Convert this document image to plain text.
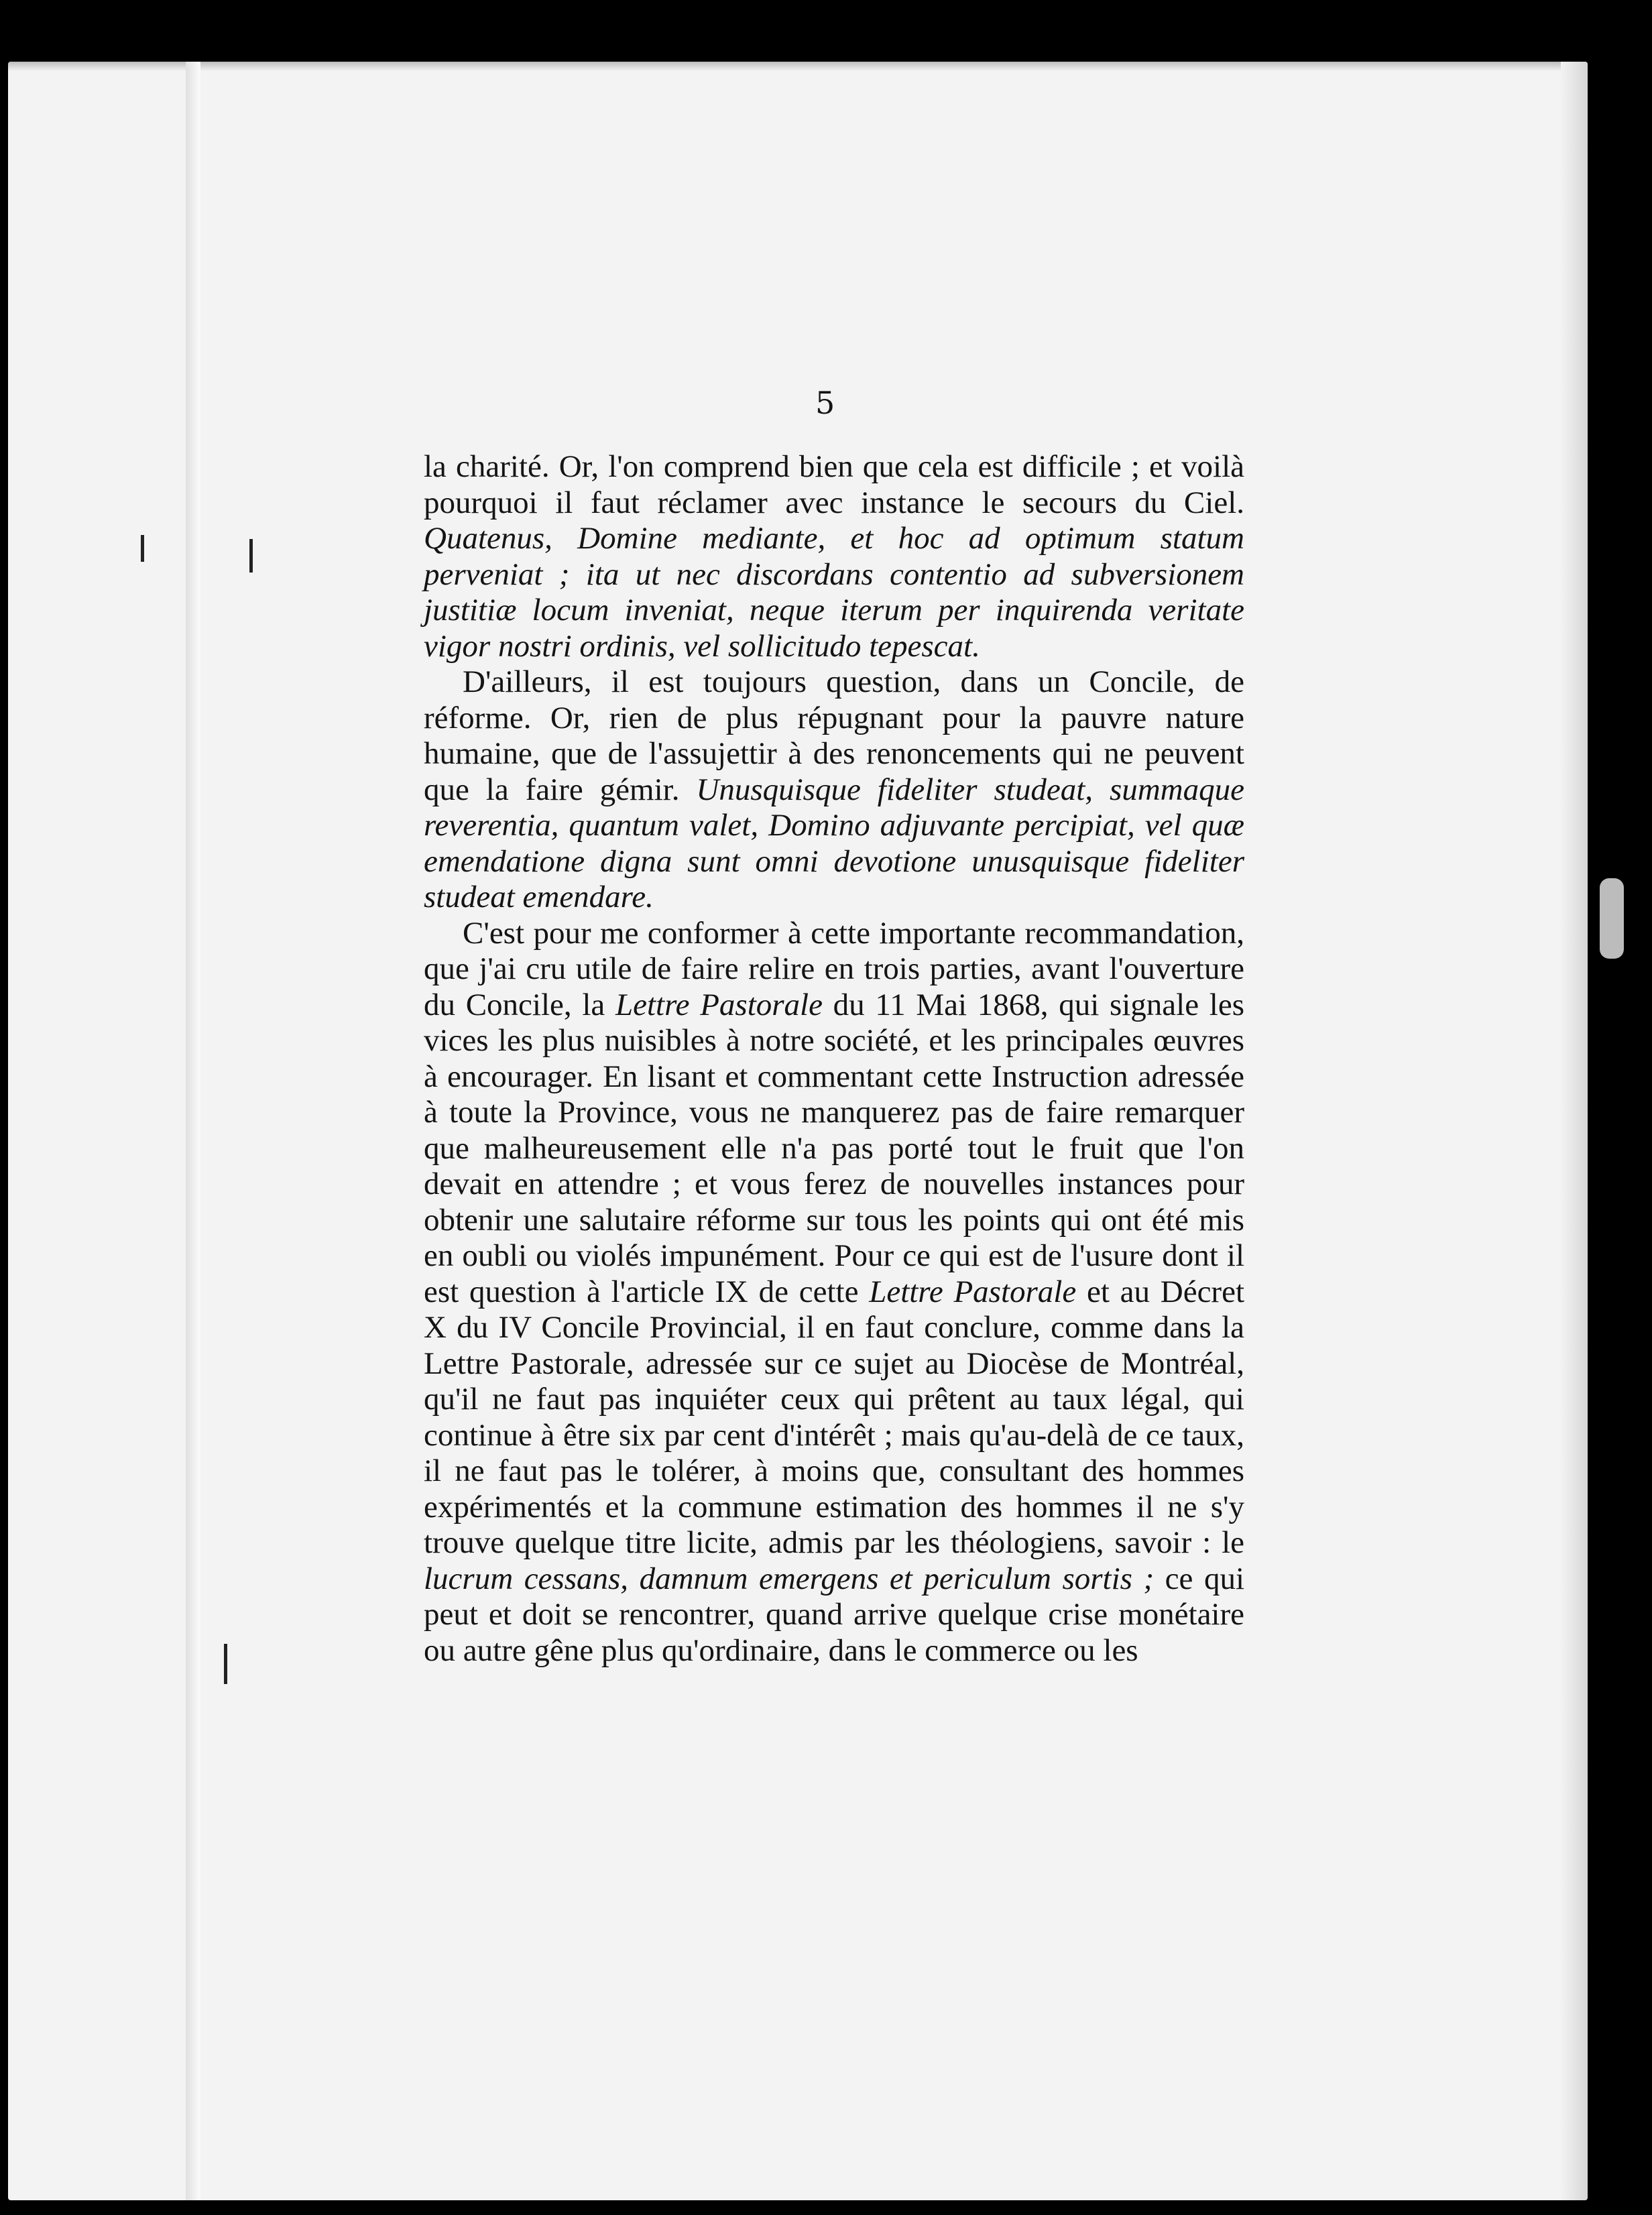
5

la charité. Or, l'on comprend bien que cela est difficile ; et voilà pourquoi il faut réclamer avec instance le secours du Ciel. Quatenus, Domine mediante, et hoc ad optimum statum perveniat ; ita ut nec discordans contentio ad subversionem justitiæ locum inveniat, neque iterum per inquirenda veritate vigor nostri ordinis, vel sollicitudo tepescat.

D'ailleurs, il est toujours question, dans un Concile, de réforme. Or, rien de plus répugnant pour la pauvre nature humaine, que de l'assujettir à des renoncements qui ne peuvent que la faire gémir. Unusquisque fideliter studeat, summaque reverentia, quantum valet, Domino adjuvante percipiat, vel quæ emendatione digna sunt omni devotione unusquisque fideliter studeat emendare.

C'est pour me conformer à cette importante recommandation, que j'ai cru utile de faire relire en trois parties, avant l'ouverture du Concile, la Lettre Pastorale du 11 Mai 1868, qui signale les vices les plus nuisibles à notre société, et les principales œuvres à encourager. En lisant et commentant cette Instruction adressée à toute la Province, vous ne manquerez pas de faire remarquer que malheureusement elle n'a pas porté tout le fruit que l'on devait en attendre ; et vous ferez de nouvelles instances pour obtenir une salutaire réforme sur tous les points qui ont été mis en oubli ou violés impunément. Pour ce qui est de l'usure dont il est question à l'article IX de cette Lettre Pastorale et au Décret X du IV Concile Provincial, il en faut conclure, comme dans la Lettre Pastorale, adressée sur ce sujet au Diocèse de Montréal, qu'il ne faut pas inquiéter ceux qui prêtent au taux légal, qui continue à être six par cent d'intérêt ; mais qu'au-delà de ce taux, il ne faut pas le tolérer, à moins que, consultant des hommes expérimentés et la commune estimation des hommes il ne s'y trouve quelque titre licite, admis par les théologiens, savoir : le lucrum cessans, damnum emergens et periculum sortis ; ce qui peut et doit se rencontrer, quand arrive quelque crise monétaire ou autre gêne plus qu'ordinaire, dans le commerce ou les
